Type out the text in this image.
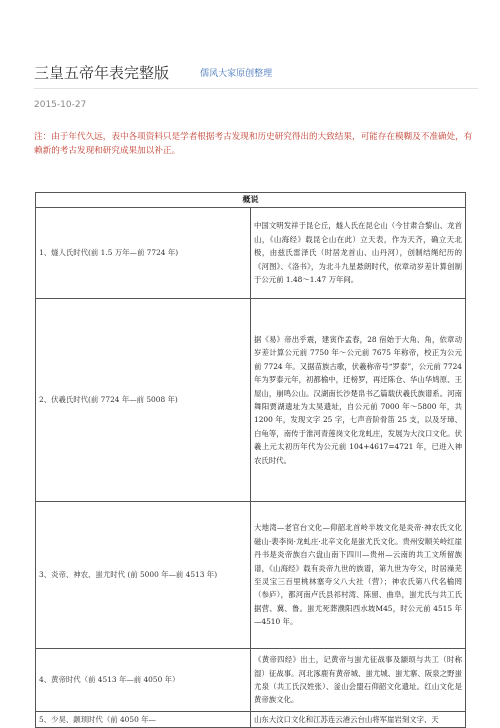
三皇五帝年表完整版	儒风大家原创整理
2015-10-27
注：由于年代久远，表中各项资料只是学者根据考古发现和历史研究得出的大致结果，可能存在模糊及不准确处，有赖新的考古发现和研究成果加以补正。
概说	
1、燧人氏时代(前 1.5 万年—前 7724 年)	中国文明发祥于昆仑丘，燧人氏在昆仑山（今甘肃合黎山、龙首山，《山海经》载昆仑山在此）立天表，作为天齐，确立天北极，由兹氏雷泽氏（时居龙首山、山丹河），创制结绳纪历的《河图》、《洛书》，为北斗九星悬朗时代，依章动岁差计算创制于公元前 1.48～1.47 万年间。
2、伏羲氏时代(前 7724 年—前 5008 年)	据《易》帝出乎震，建寅作孟春，28 宿始于大角、角，依章动岁差计算公元前 7750 年～公元前 7675 年称帝，校正为公元前 7724 年。又据苗族古歌，伏羲称帝号“罗泰”，公元前 7724 年为罗泰元年，初都榆中，迁榜罗，再迁陈仓、华山华鸠原、王屋山，崩鸣公山。汉湖南长沙楚帛书乙篇载伏羲氏族谱系。河南舞阳贾湖遗址为太昊遗址，自公元前 7000 年～5800 年，共 1200 年，发现文字 25 字，七声音阶骨笛 25 支，以及牙璋、白龟等，南传于淮河青莲岗文化龙虬庄，发展为大汶口文化。伏羲上元太初历年代为公元前 104+4617=4721 年，已进入神农氏时代。
3、炎帝、神农、蚩尤时代 (前 5000 年—前 4513 年)	大地湾—老官台文化—仰韶北首岭半坡文化是炎帝·神农氏文化 磁山·裴李岗·龙虬庄·北辛文化是蚩尤氏文化。贵州安顺关岭红崖丹书是炎帝族自六盘山南下四川—贵州—云南的共工文所留族谱，《山海经》载有炎帝九世的族谱，第九世为夸父，时居澡芜至灵宝三百里桃林塞夸父八大社（营）；神农氏第八代名榆罔（参庐），都河南卢氏县祁村湾、陈留、曲阜，蚩尤氏与共工氏据营、冀、鲁。蚩尤死葬濮阳西水坡M45，时公元前 4515 年—4510 年。
4、黄帝时代（前 4513 年—前 4050 年）	《黄帝四经》出土，记黄帝与蚩尤征战事及颛顼与共工（时称湿）征战事。河北涿鹿有黄帝城、蚩尤城、蚩尤寨、阪泉之野蚩尤泉（共工氏汉姓张）、釜山会盟石仰韶文化遗址。红山文化是黄帝族文化。
5、少昊、颛顼时代（前 4050 年—	山东大汶口文化和江苏连云港云台山将军崖岩刻文字、天
